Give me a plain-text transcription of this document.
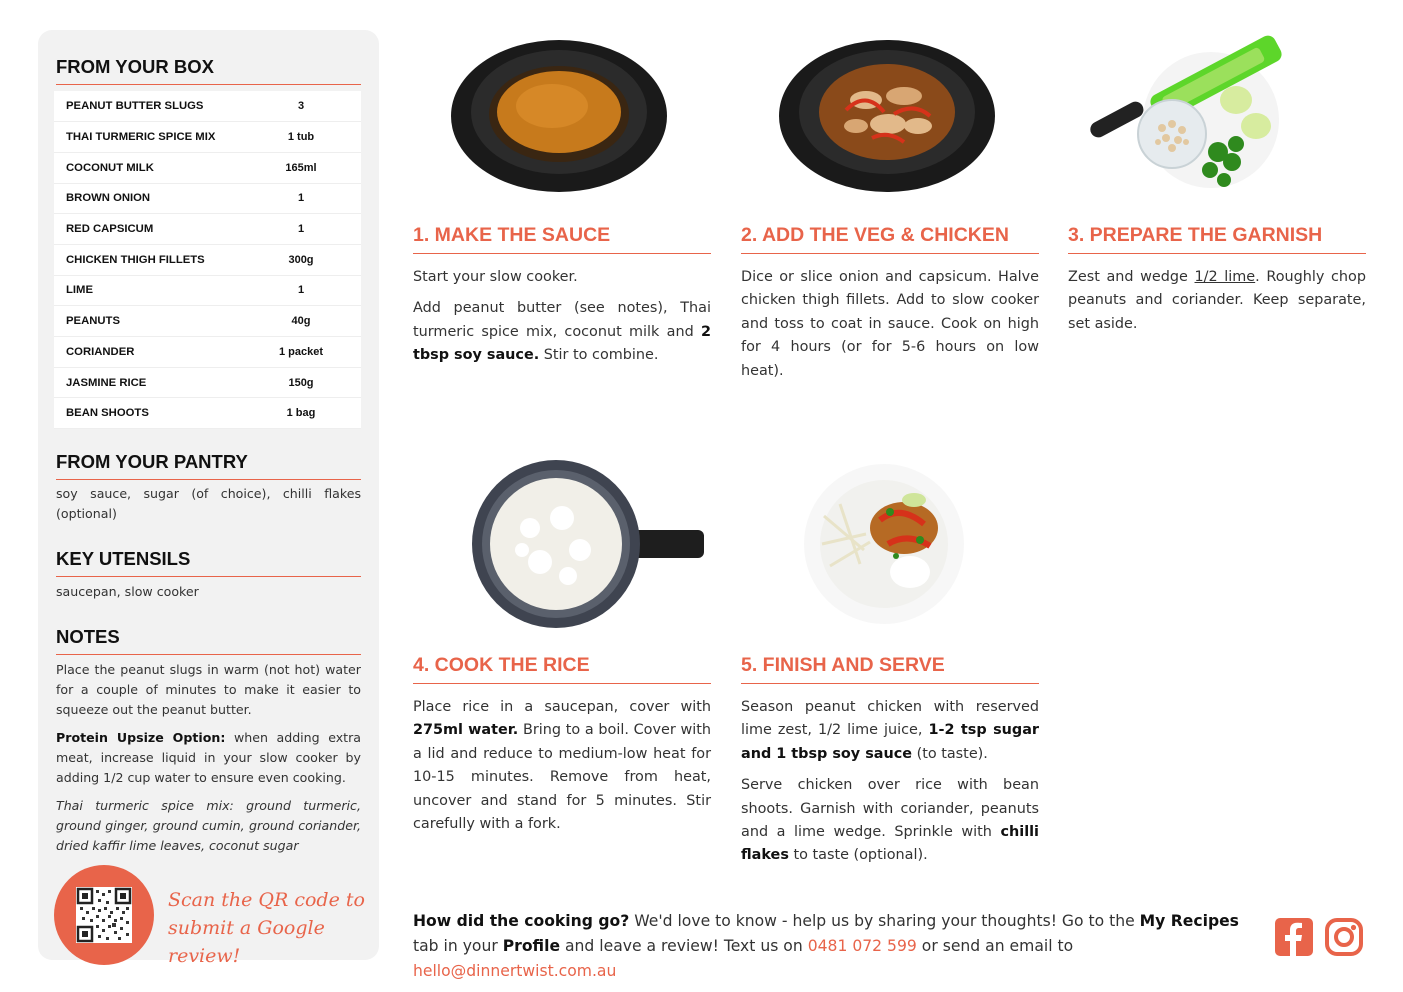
FROM YOUR BOX
PEANUT BUTTER SLUGS	3
THAI TURMERIC SPICE MIX	1 tub
COCONUT MILK	165ml
BROWN ONION	1
RED CAPSICUM	1
CHICKEN THIGH FILLETS	300g
LIME	1
PEANUTS	40g
CORIANDER	1 packet
JASMINE RICE	150g
BEAN SHOOTS	1 bag
FROM YOUR PANTRY
soy sauce, sugar (of choice), chilli flakes (optional)
KEY UTENSILS
saucepan, slow cooker
NOTES
Place the peanut slugs in warm (not hot) water for a couple of minutes to make it easier to squeeze out the peanut butter.
Protein Upsize Option: when adding extra meat, increase liquid in your slow cooker by adding 1/2 cup water to ensure even cooking.
Thai turmeric spice mix: ground turmeric, ground ginger, ground cumin, ground coriander, dried kaffir lime leaves, coconut sugar
Scan the QR code to
submit a Google review!
1. MAKE THE SAUCE

Start your slow cooker.

Add peanut butter (see notes), Thai turmeric spice mix, coconut milk and 2 tbsp soy sauce. Stir to combine.

2. ADD THE VEG & CHICKEN

Dice or slice onion and capsicum. Halve chicken thigh fillets. Add to slow cooker and toss to coat in sauce. Cook on high for 4 hours (or for 5-6 hours on low heat).

3. PREPARE THE GARNISH

Zest and wedge 1/2 lime. Roughly chop peanuts and coriander. Keep separate, set aside.

4. COOK THE RICE

Place rice in a saucepan, cover with 275ml water. Bring to a boil. Cover with a lid and reduce to medium-low heat for 10-15 minutes. Remove from heat, uncover and stand for 5 minutes. Stir carefully with a fork.

5. FINISH AND SERVE

Season peanut chicken with reserved lime zest, 1/2 lime juice, 1-2 tsp sugar and 1 tbsp soy sauce (to taste).

Serve chicken over rice with bean shoots. Garnish with coriander, peanuts and a lime wedge. Sprinkle with chilli flakes to taste (optional).

How did the cooking go? We'd love to know - help us by sharing your thoughts! Go to the My Recipes tab in your Profile and leave a review! Text us on 0481 072 599 or send an email to hello@dinnertwist.com.au
